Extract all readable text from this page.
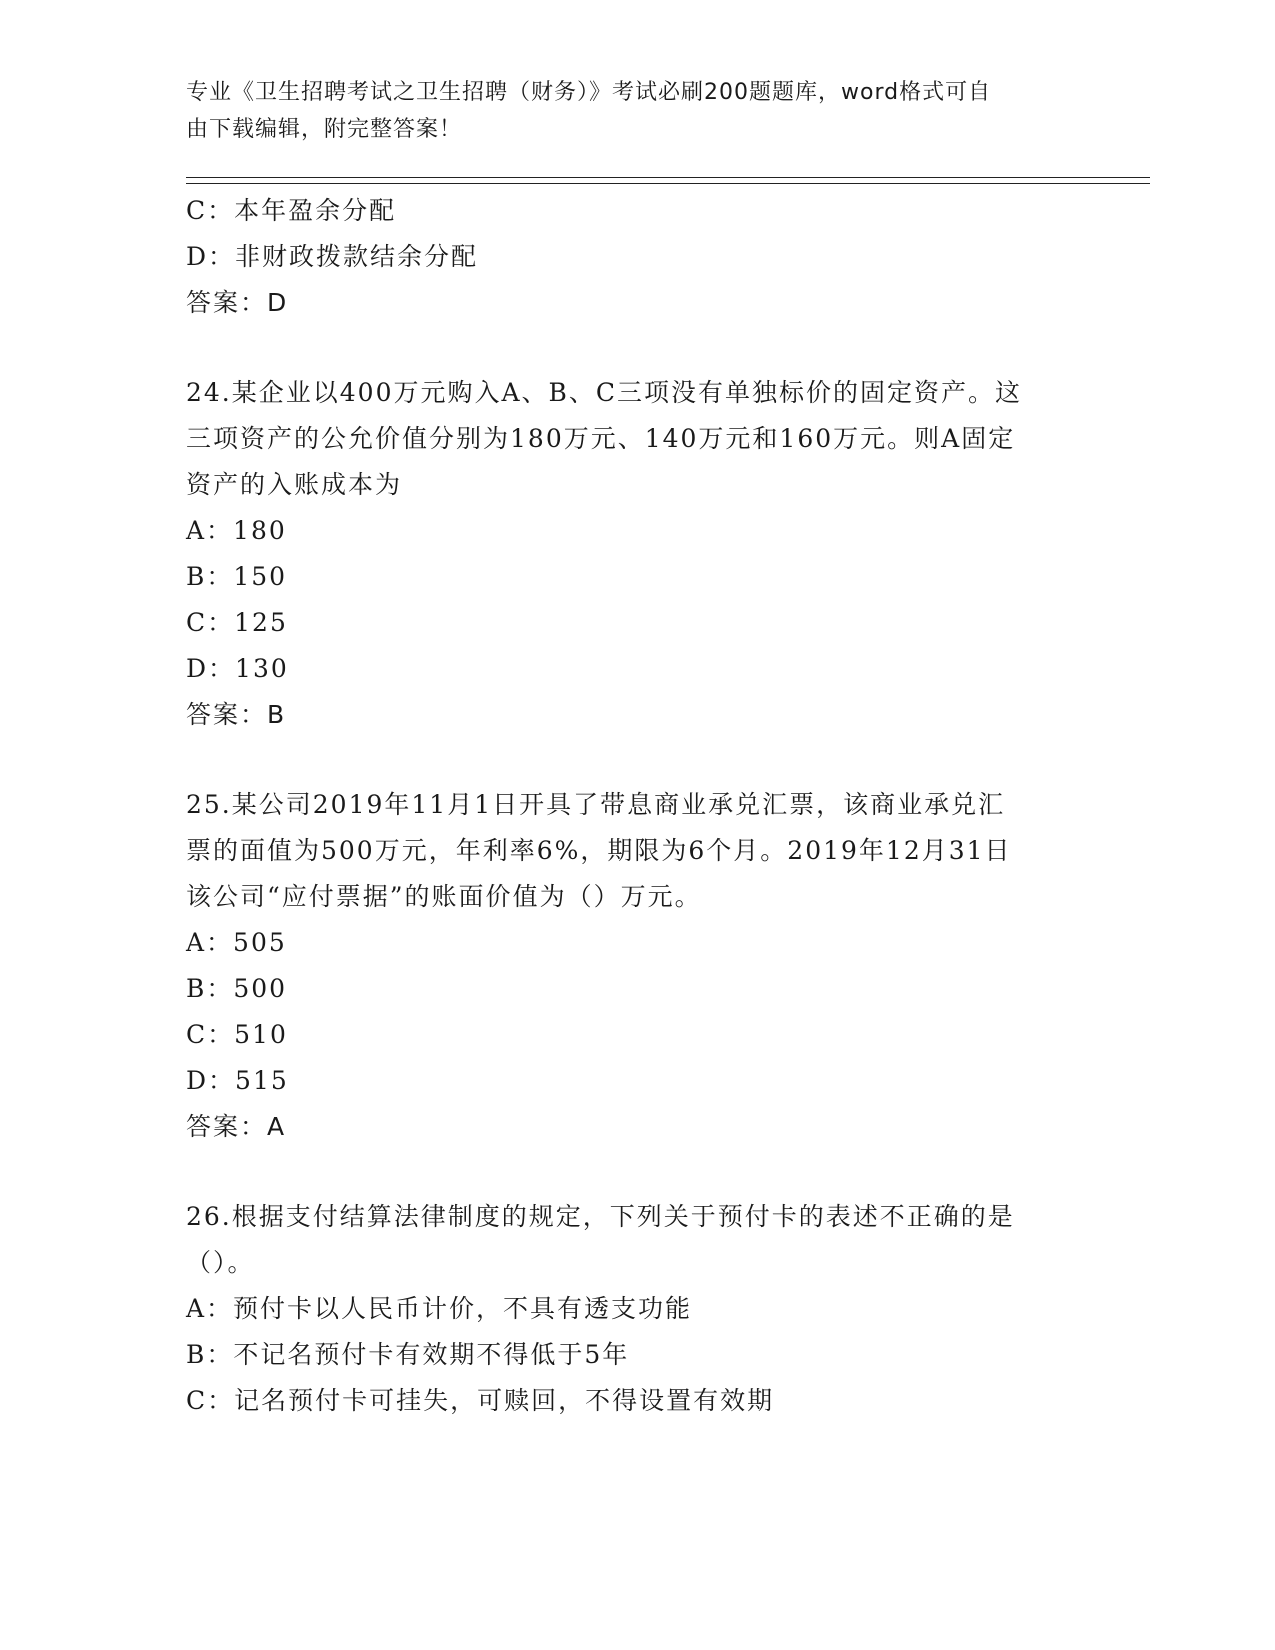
专业《卫生招聘考试之卫生招聘（财务）》考试必刷200题题库，word格式可自
由下载编辑，附完整答案！
C：本年盈余分配
D：非财政拨款结余分配
答案：D
24.某企业以400万元购入A、B、C三项没有单独标价的固定资产。这
三项资产的公允价值分别为180万元、140万元和160万元。则A固定
资产的入账成本为
A：180
B：150
C：125
D：130
答案：B
25.某公司2019年11月1日开具了带息商业承兑汇票，该商业承兑汇
票的面值为500万元，年利率6%，期限为6个月。2019年12月31日
该公司“应付票据”的账面价值为（）万元。
A：505
B：500
C：510
D：515
答案：A
26.根据支付结算法律制度的规定，下列关于预付卡的表述不正确的是
（）。
A：预付卡以人民币计价，不具有透支功能
B：不记名预付卡有效期不得低于5年
C：记名预付卡可挂失，可赎回，不得设置有效期
